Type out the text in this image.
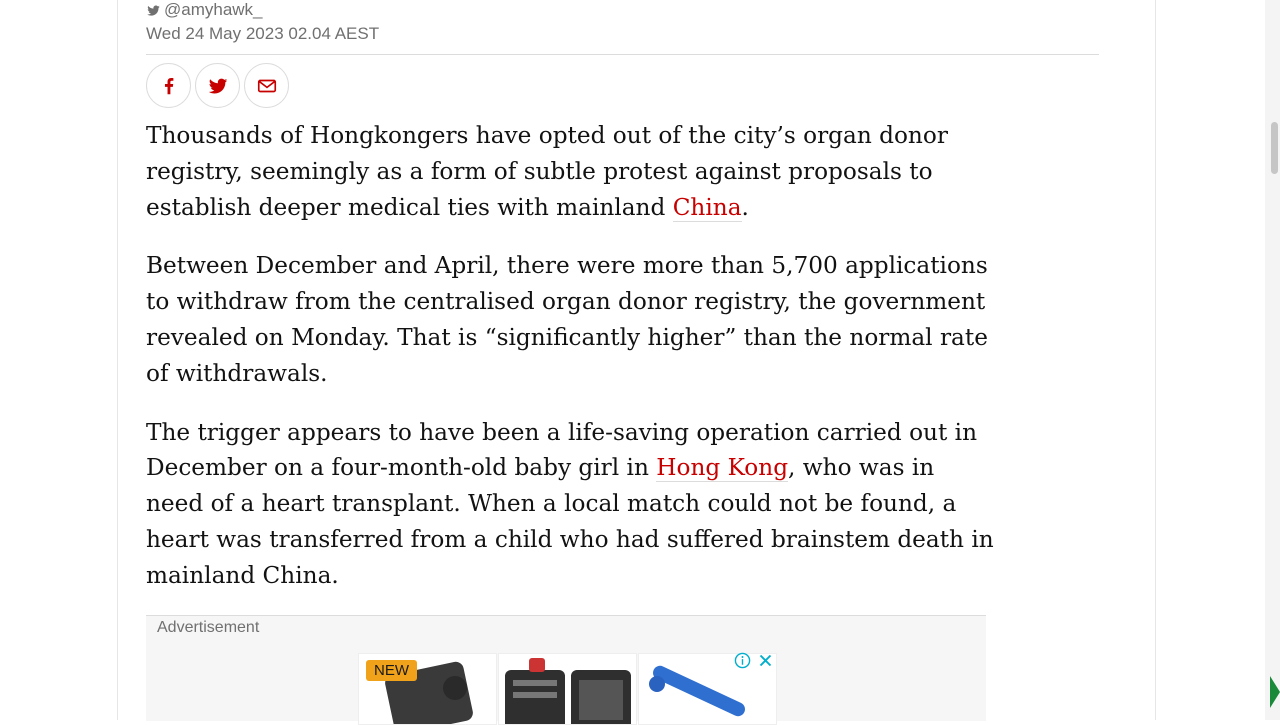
@amyhawk_
Wed 24 May 2023 02.04 AEST

Thousands of Hongkongers have opted out of the city’s organ donor registry, seemingly as a form of subtle protest against proposals to establish deeper medical ties with mainland China.

Between December and April, there were more than 5,700 applications to withdraw from the centralised organ donor registry, the government revealed on Monday. That is “significantly higher” than the normal rate of withdrawals.

The trigger appears to have been a life-saving operation carried out in December on a four-month-old baby girl in Hong Kong, who was in need of a heart transplant. When a local match could not be found, a heart was transferred from a child who had suffered brainstem death in mainland China.

Advertisement
NEW
